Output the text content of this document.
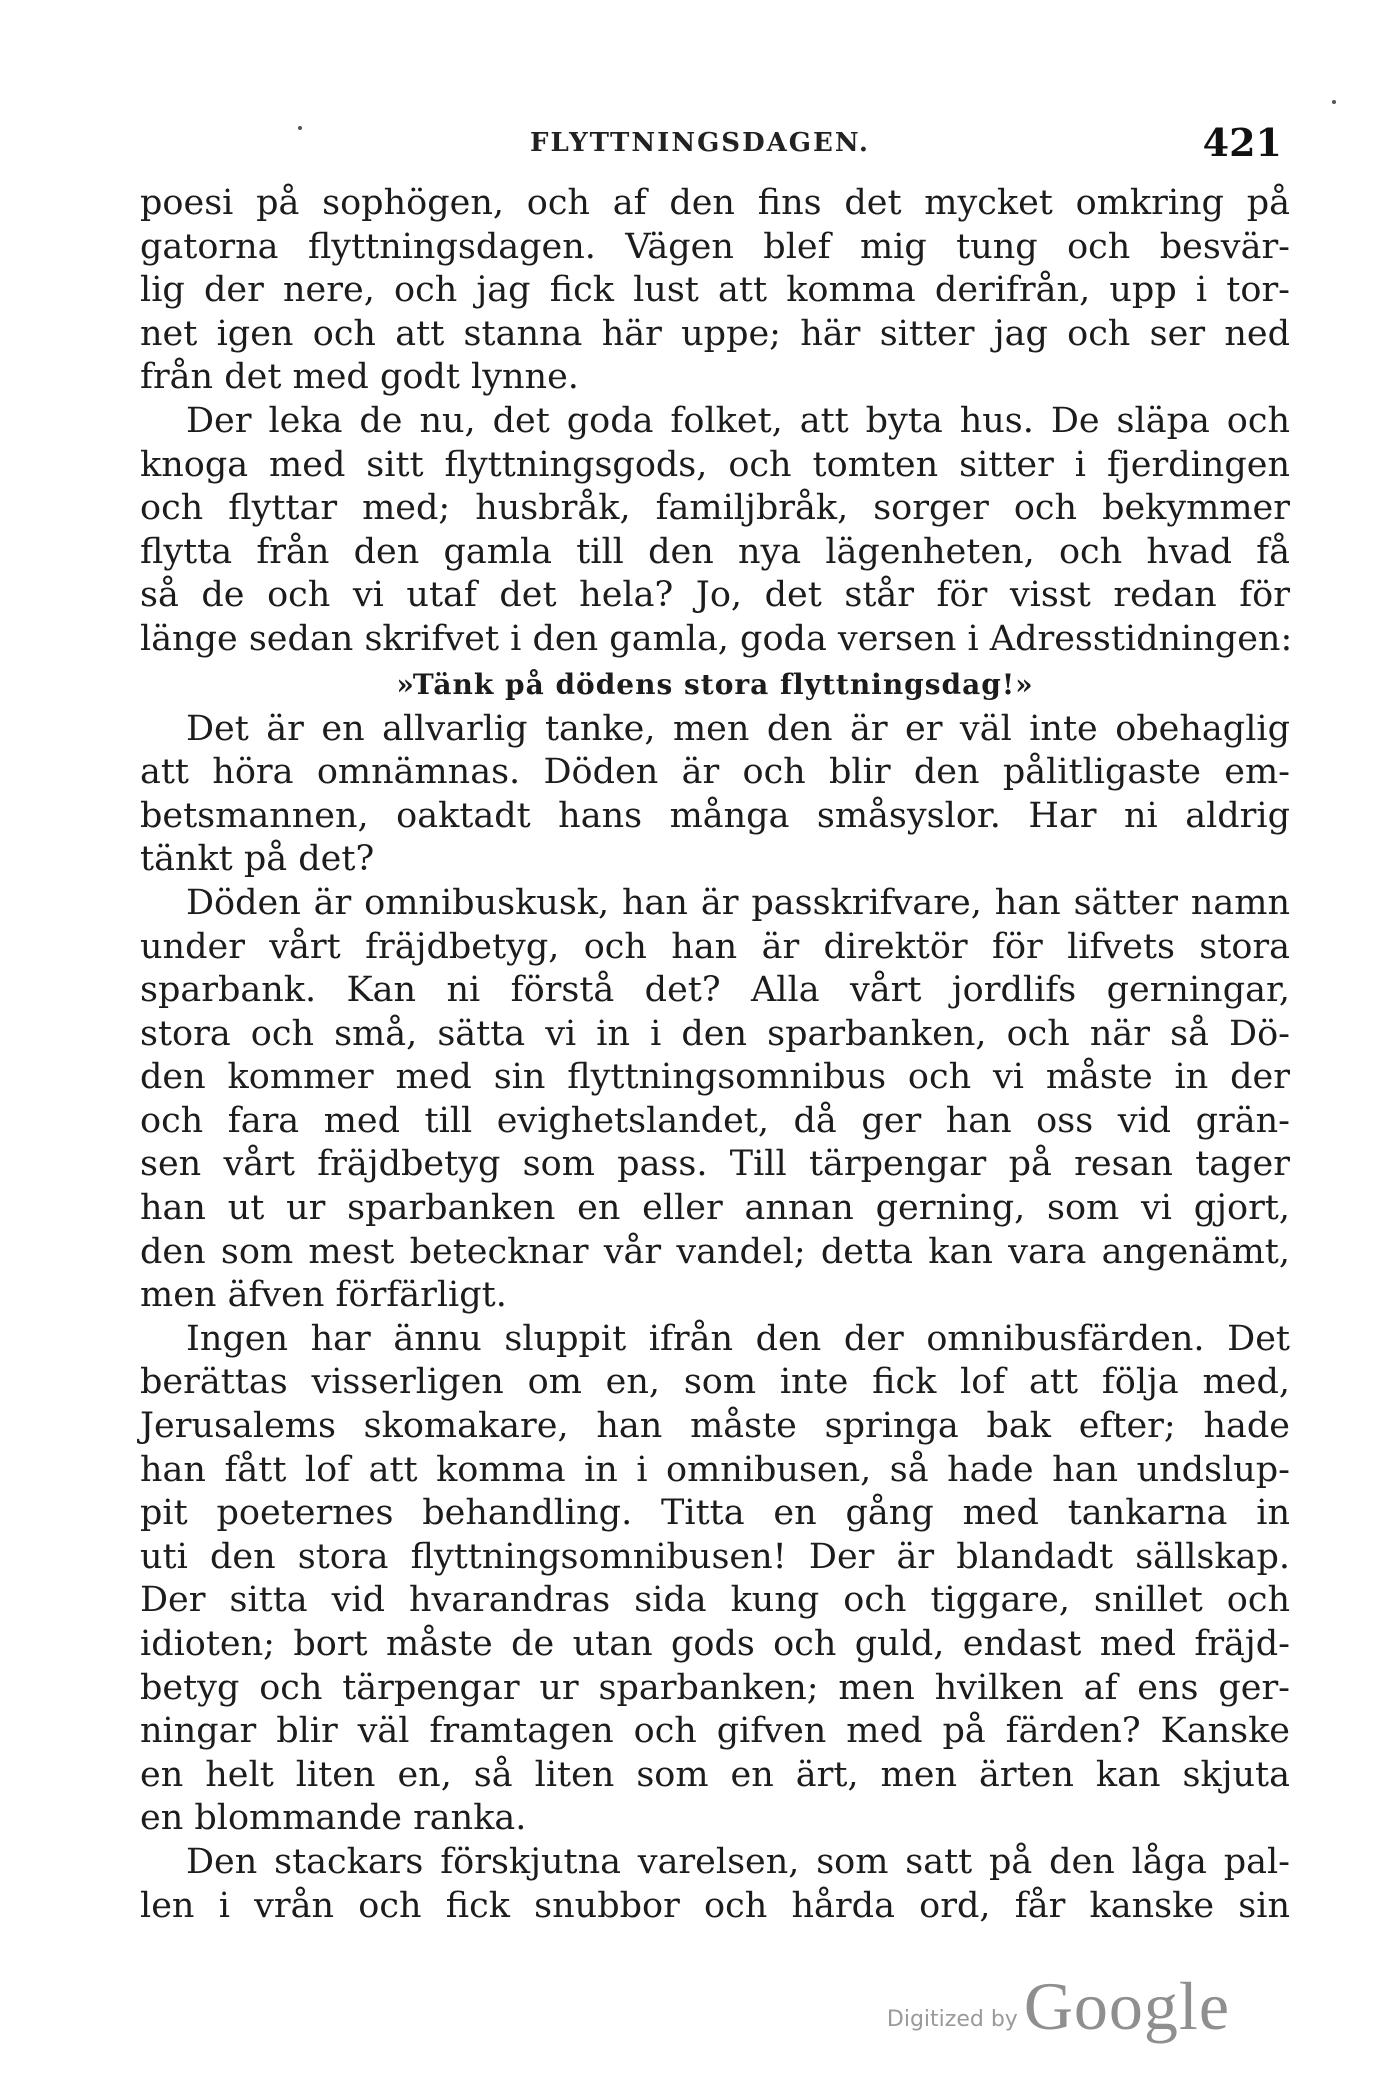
FLYTTNINGSDAGEN.	421
poesi på sophögen, och af den fins det mycket omkring på
gatorna flyttningsdagen. Vägen blef mig tung och besvär-
lig der nere, och jag fick lust att komma derifrån, upp i tor-
net igen och att stanna här uppe; här sitter jag och ser ned
från det med godt lynne.
Der leka de nu, det goda folket, att byta hus. De släpa och
knoga med sitt flyttningsgods, och tomten sitter i fjerdingen
och flyttar med; husbråk, familjbråk, sorger och bekymmer
flytta från den gamla till den nya lägenheten, och hvad få
så de och vi utaf det hela? Jo, det står för visst redan för
länge sedan skrifvet i den gamla, goda versen i Adresstidningen:
»Tänk på dödens stora flyttningsdag!»
Det är en allvarlig tanke, men den är er väl inte obehaglig
att höra omnämnas. Döden är och blir den pålitligaste em-
betsmannen, oaktadt hans många småsyslor. Har ni aldrig
tänkt på det?
Döden är omnibuskusk, han är passkrifvare, han sätter namn
under vårt fräjdbetyg, och han är direktör för lifvets stora
sparbank. Kan ni förstå det? Alla vårt jordlifs gerningar,
stora och små, sätta vi in i den sparbanken, och när så Dö-
den kommer med sin flyttningsomnibus och vi måste in der
och fara med till evighetslandet, då ger han oss vid grän-
sen vårt fräjdbetyg som pass. Till tärpengar på resan tager
han ut ur sparbanken en eller annan gerning, som vi gjort,
den som mest betecknar vår vandel; detta kan vara angenämt,
men äfven förfärligt.
Ingen har ännu sluppit ifrån den der omnibusfärden. Det
berättas visserligen om en, som inte fick lof att följa med,
Jerusalems skomakare, han måste springa bak efter; hade
han fått lof att komma in i omnibusen, så hade han undslup-
pit poeternes behandling. Titta en gång med tankarna in
uti den stora flyttningsomnibusen! Der är blandadt sällskap.
Der sitta vid hvarandras sida kung och tiggare, snillet och
idioten; bort måste de utan gods och guld, endast med fräjd-
betyg och tärpengar ur sparbanken; men hvilken af ens ger-
ningar blir väl framtagen och gifven med på färden? Kanske
en helt liten en, så liten som en ärt, men ärten kan skjuta
en blommande ranka.
Den stackars förskjutna varelsen, som satt på den låga pal-
len i vrån och fick snubbor och hårda ord, får kanske sin
Digitized by Google
